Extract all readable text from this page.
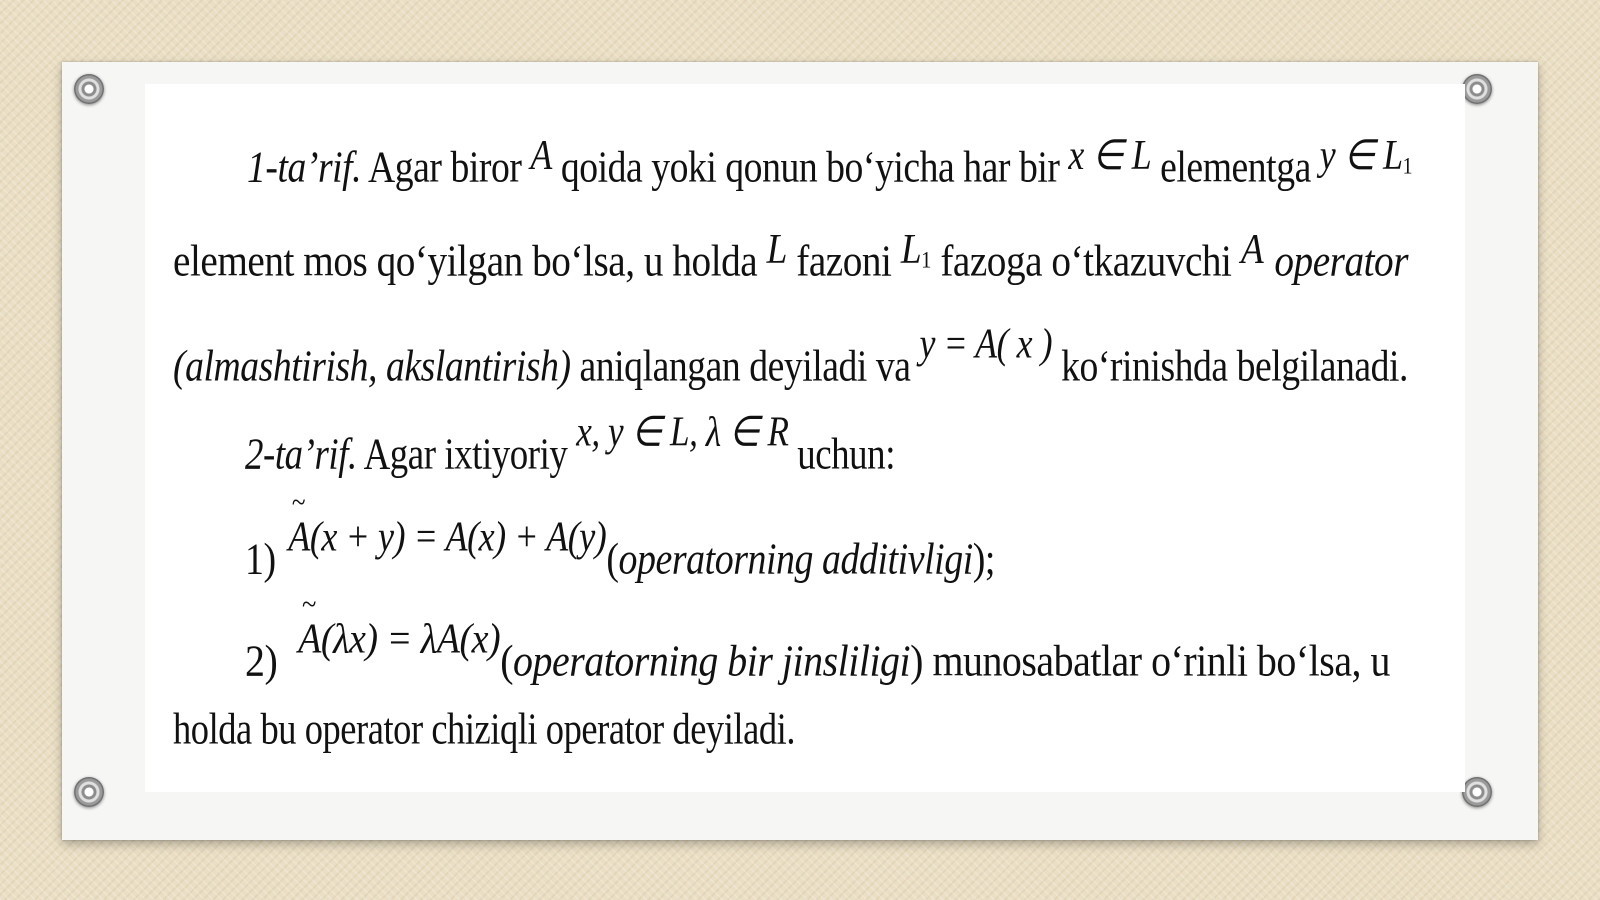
1-ta’rif. Agar biror A qoida yoki qonun bo‘yicha har bir x ∈ L elementga y ∈ $L_1$
element mos qo‘yilgan bo‘lsa, u holda L fazoni $L_1$ fazoga o‘tkazuvchi A operator
(almashtirish, akslantirish) aniqlangan deyiladi va y = A( x ) ko‘rinishda belgilanadi.
2-ta’rif. Agar ixtiyoriy x, y ∈ L, λ ∈ R uchun:
1) ~ A(x + y) = A(x) + A(y)(operatorning additivligi);
2) ~ A(λx) = λA(x)(operatorning bir jinsliligi) munosabatlar o‘rinli bo‘lsa, u
holda bu operator chiziqli operator deyiladi.
